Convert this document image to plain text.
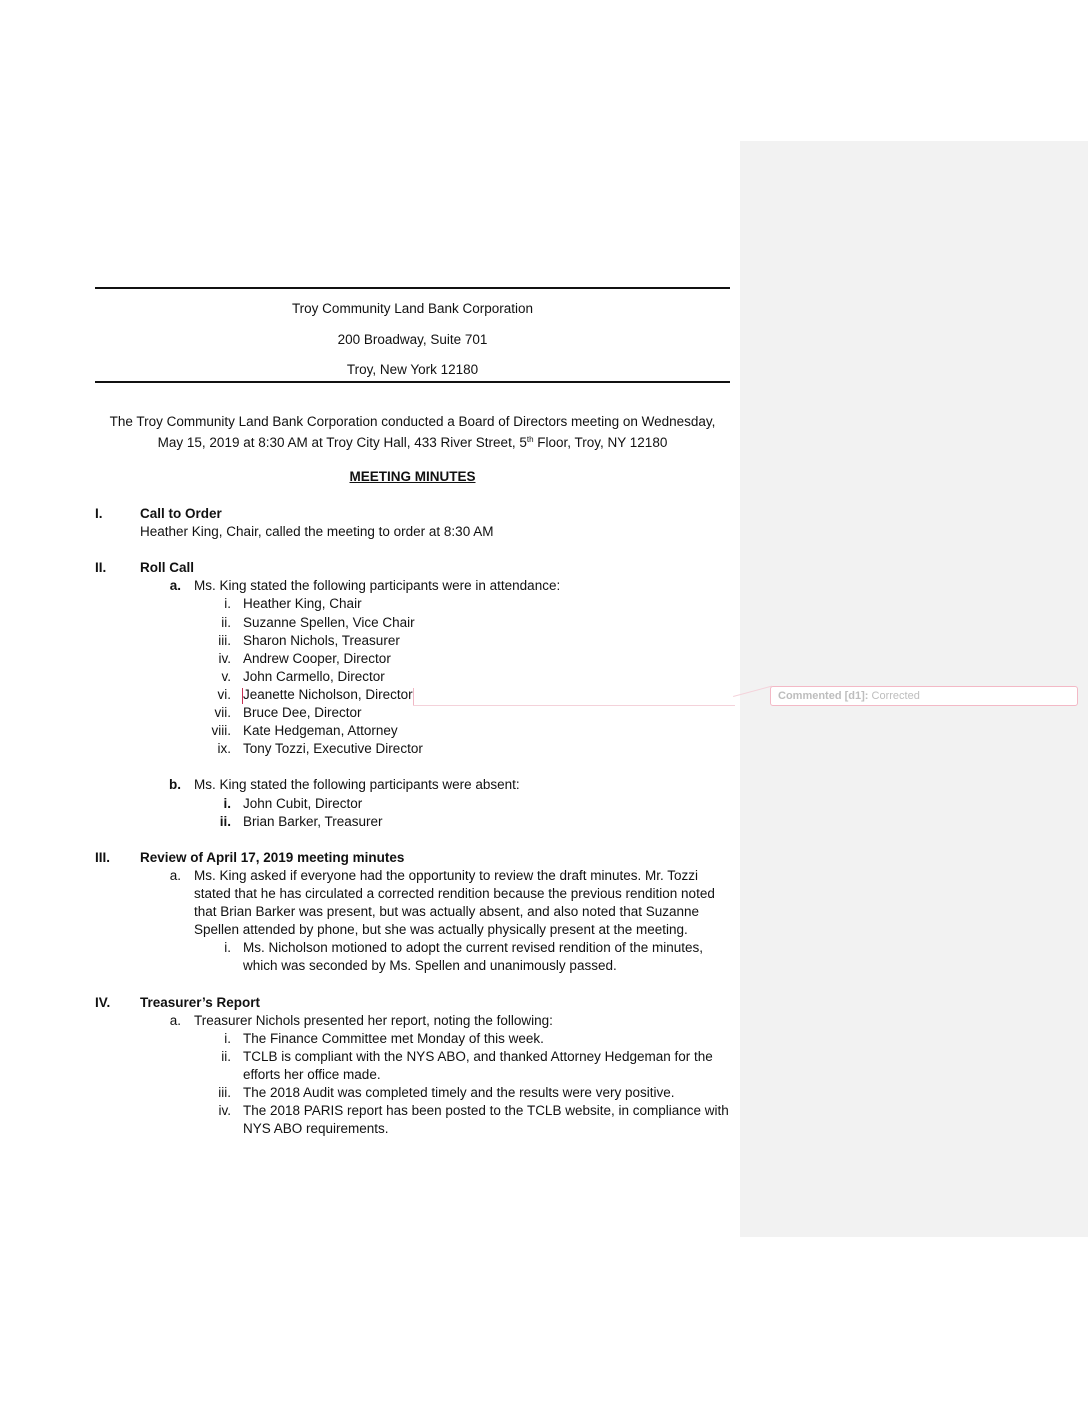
Commented [d1]: Corrected
Troy Community Land Bank Corporation
200 Broadway, Suite 701
Troy, New York 12180
The Troy Community Land Bank Corporation conducted a Board of Directors meeting on Wednesday, May 15, 2019 at 8:30 AM at Troy City Hall, 433 River Street, 5th Floor, Troy, NY 12180
MEETING MINUTES
I.	Call to Order
Heather King, Chair, called the meeting to order at 8:30 AM
II.	Roll Call
a. Ms. King stated the following participants were in attendance:
i. Heather King, Chair
ii. Suzanne Spellen, Vice Chair
iii. Sharon Nichols, Treasurer
iv. Andrew Cooper, Director
v. John Carmello, Director
vi. Jeanette Nicholson, Director
vii. Bruce Dee, Director
viii. Kate Hedgeman, Attorney
ix. Tony Tozzi, Executive Director
b. Ms. King stated the following participants were absent:
i. John Cubit, Director
ii. Brian Barker, Treasurer
III.	Review of April 17, 2019 meeting minutes
a. Ms. King asked if everyone had the opportunity to review the draft minutes. Mr. Tozzi stated that he has circulated a corrected rendition because the previous rendition noted that Brian Barker was present, but was actually absent, and also noted that Suzanne Spellen attended by phone, but she was actually physically present at the meeting.
i. Ms. Nicholson motioned to adopt the current revised rendition of the minutes, which was seconded by Ms. Spellen and unanimously passed.
IV.	Treasurer’s Report
a. Treasurer Nichols presented her report, noting the following:
i. The Finance Committee met Monday of this week.
ii. TCLB is compliant with the NYS ABO, and thanked Attorney Hedgeman for the efforts her office made.
iii. The 2018 Audit was completed timely and the results were very positive.
iv. The 2018 PARIS report has been posted to the TCLB website, in compliance with NYS ABO requirements.
